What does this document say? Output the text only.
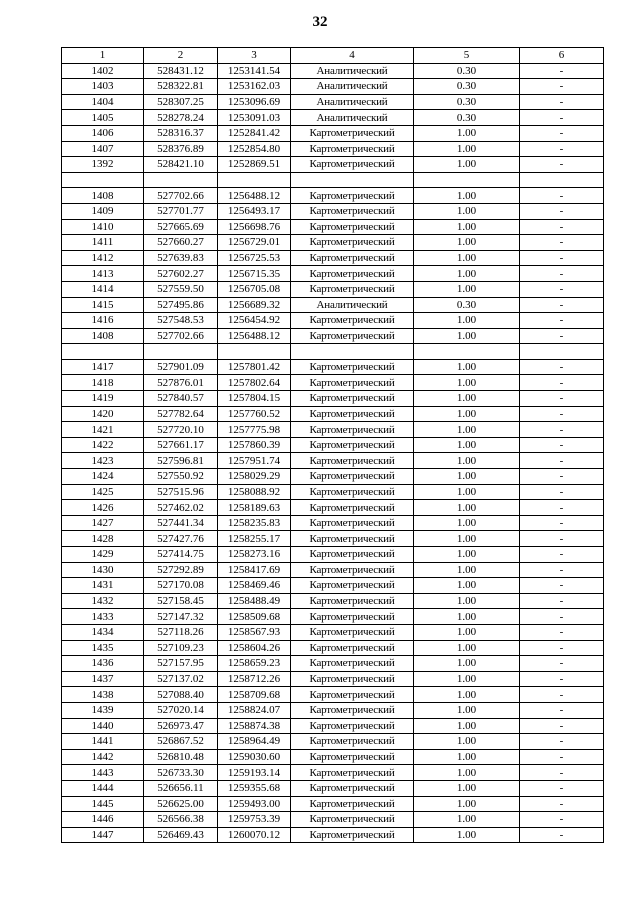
32
1	2	3	4	5	6
1402	528431.12	1253141.54	Аналитический	0.30	-
1403	528322.81	1253162.03	Аналитический	0.30	-
1404	528307.25	1253096.69	Аналитический	0.30	-
1405	528278.24	1253091.03	Аналитический	0.30	-
1406	528316.37	1252841.42	Картометрический	1.00	-
1407	528376.89	1252854.80	Картометрический	1.00	-
1392	528421.10	1252869.51	Картометрический	1.00	-

1408	527702.66	1256488.12	Картометрический	1.00	-
1409	527701.77	1256493.17	Картометрический	1.00	-
1410	527665.69	1256698.76	Картометрический	1.00	-
1411	527660.27	1256729.01	Картометрический	1.00	-
1412	527639.83	1256725.53	Картометрический	1.00	-
1413	527602.27	1256715.35	Картометрический	1.00	-
1414	527559.50	1256705.08	Картометрический	1.00	-
1415	527495.86	1256689.32	Аналитический	0.30	-
1416	527548.53	1256454.92	Картометрический	1.00	-
1408	527702.66	1256488.12	Картометрический	1.00	-

1417	527901.09	1257801.42	Картометрический	1.00	-
1418	527876.01	1257802.64	Картометрический	1.00	-
1419	527840.57	1257804.15	Картометрический	1.00	-
1420	527782.64	1257760.52	Картометрический	1.00	-
1421	527720.10	1257775.98	Картометрический	1.00	-
1422	527661.17	1257860.39	Картометрический	1.00	-
1423	527596.81	1257951.74	Картометрический	1.00	-
1424	527550.92	1258029.29	Картометрический	1.00	-
1425	527515.96	1258088.92	Картометрический	1.00	-
1426	527462.02	1258189.63	Картометрический	1.00	-
1427	527441.34	1258235.83	Картометрический	1.00	-
1428	527427.76	1258255.17	Картометрический	1.00	-
1429	527414.75	1258273.16	Картометрический	1.00	-
1430	527292.89	1258417.69	Картометрический	1.00	-
1431	527170.08	1258469.46	Картометрический	1.00	-
1432	527158.45	1258488.49	Картометрический	1.00	-
1433	527147.32	1258509.68	Картометрический	1.00	-
1434	527118.26	1258567.93	Картометрический	1.00	-
1435	527109.23	1258604.26	Картометрический	1.00	-
1436	527157.95	1258659.23	Картометрический	1.00	-
1437	527137.02	1258712.26	Картометрический	1.00	-
1438	527088.40	1258709.68	Картометрический	1.00	-
1439	527020.14	1258824.07	Картометрический	1.00	-
1440	526973.47	1258874.38	Картометрический	1.00	-
1441	526867.52	1258964.49	Картометрический	1.00	-
1442	526810.48	1259030.60	Картометрический	1.00	-
1443	526733.30	1259193.14	Картометрический	1.00	-
1444	526656.11	1259355.68	Картометрический	1.00	-
1445	526625.00	1259493.00	Картометрический	1.00	-
1446	526566.38	1259753.39	Картометрический	1.00	-
1447	526469.43	1260070.12	Картометрический	1.00	-
